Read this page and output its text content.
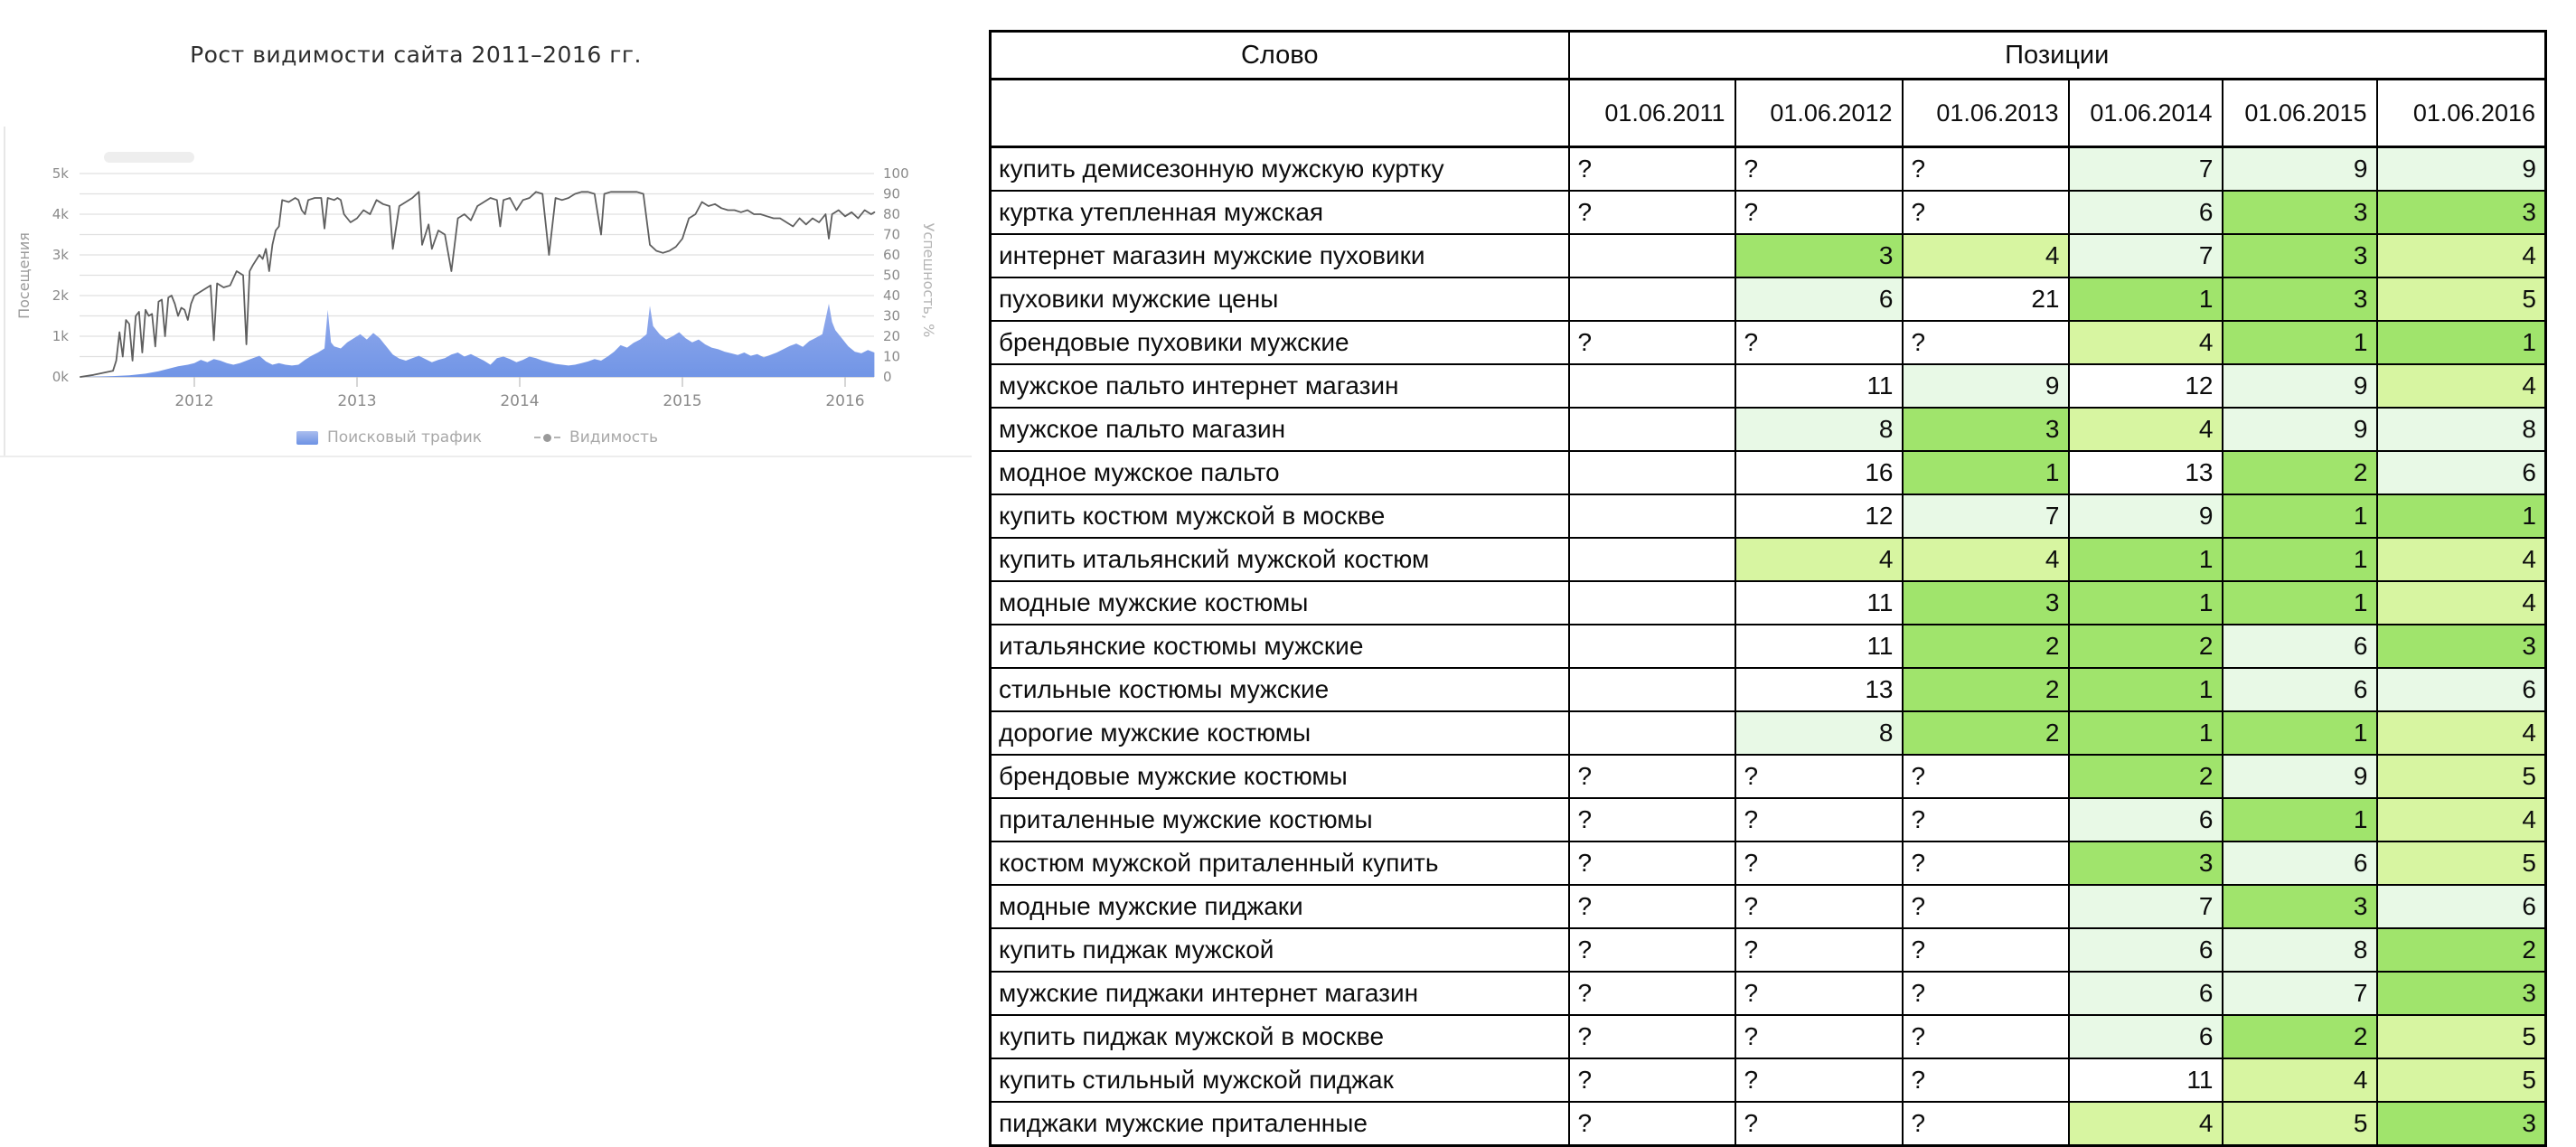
5k
4k
3k
2k
1k
0k
100
90
80
70
60
50
40
30
20
10
0
2012	2013	2014	2015	2016
Посещения	Успешность, %
Рост видимости сайта 2011–2016 гг.
Поисковый трафик	Видимость
Слово	Позиции					
	01.06.2011	01.06.2012	01.06.2013	01.06.2014	01.06.2015	01.06.2016
купить демисезонную мужскую куртку	?	?	?	7	9	9
куртка утепленная мужская	?	?	?	6	3	3
интернет магазин мужские пуховики		3	4	7	3	4
пуховики мужские цены		6	21	1	3	5
брендовые пуховики мужские	?	?	?	4	1	1
мужское пальто интернет магазин		11	9	12	9	4
мужское пальто магазин		8	3	4	9	8
модное мужское пальто		16	1	13	2	6
купить костюм мужской в москве		12	7	9	1	1
купить итальянский мужской костюм		4	4	1	1	4
модные мужские костюмы		11	3	1	1	4
итальянские костюмы мужские		11	2	2	6	3
стильные костюмы мужские		13	2	1	6	6
дорогие мужские костюмы		8	2	1	1	4
брендовые мужские костюмы	?	?	?	2	9	5
приталенные мужские костюмы	?	?	?	6	1	4
костюм мужской приталенный купить	?	?	?	3	6	5
модные мужские пиджаки	?	?	?	7	3	6
купить пиджак мужской	?	?	?	6	8	2
мужские пиджаки интернет магазин	?	?	?	6	7	3
купить пиджак мужской в москве	?	?	?	6	2	5
купить стильный мужской пиджак	?	?	?	11	4	5
пиджаки мужские приталенные	?	?	?	4	5	3
